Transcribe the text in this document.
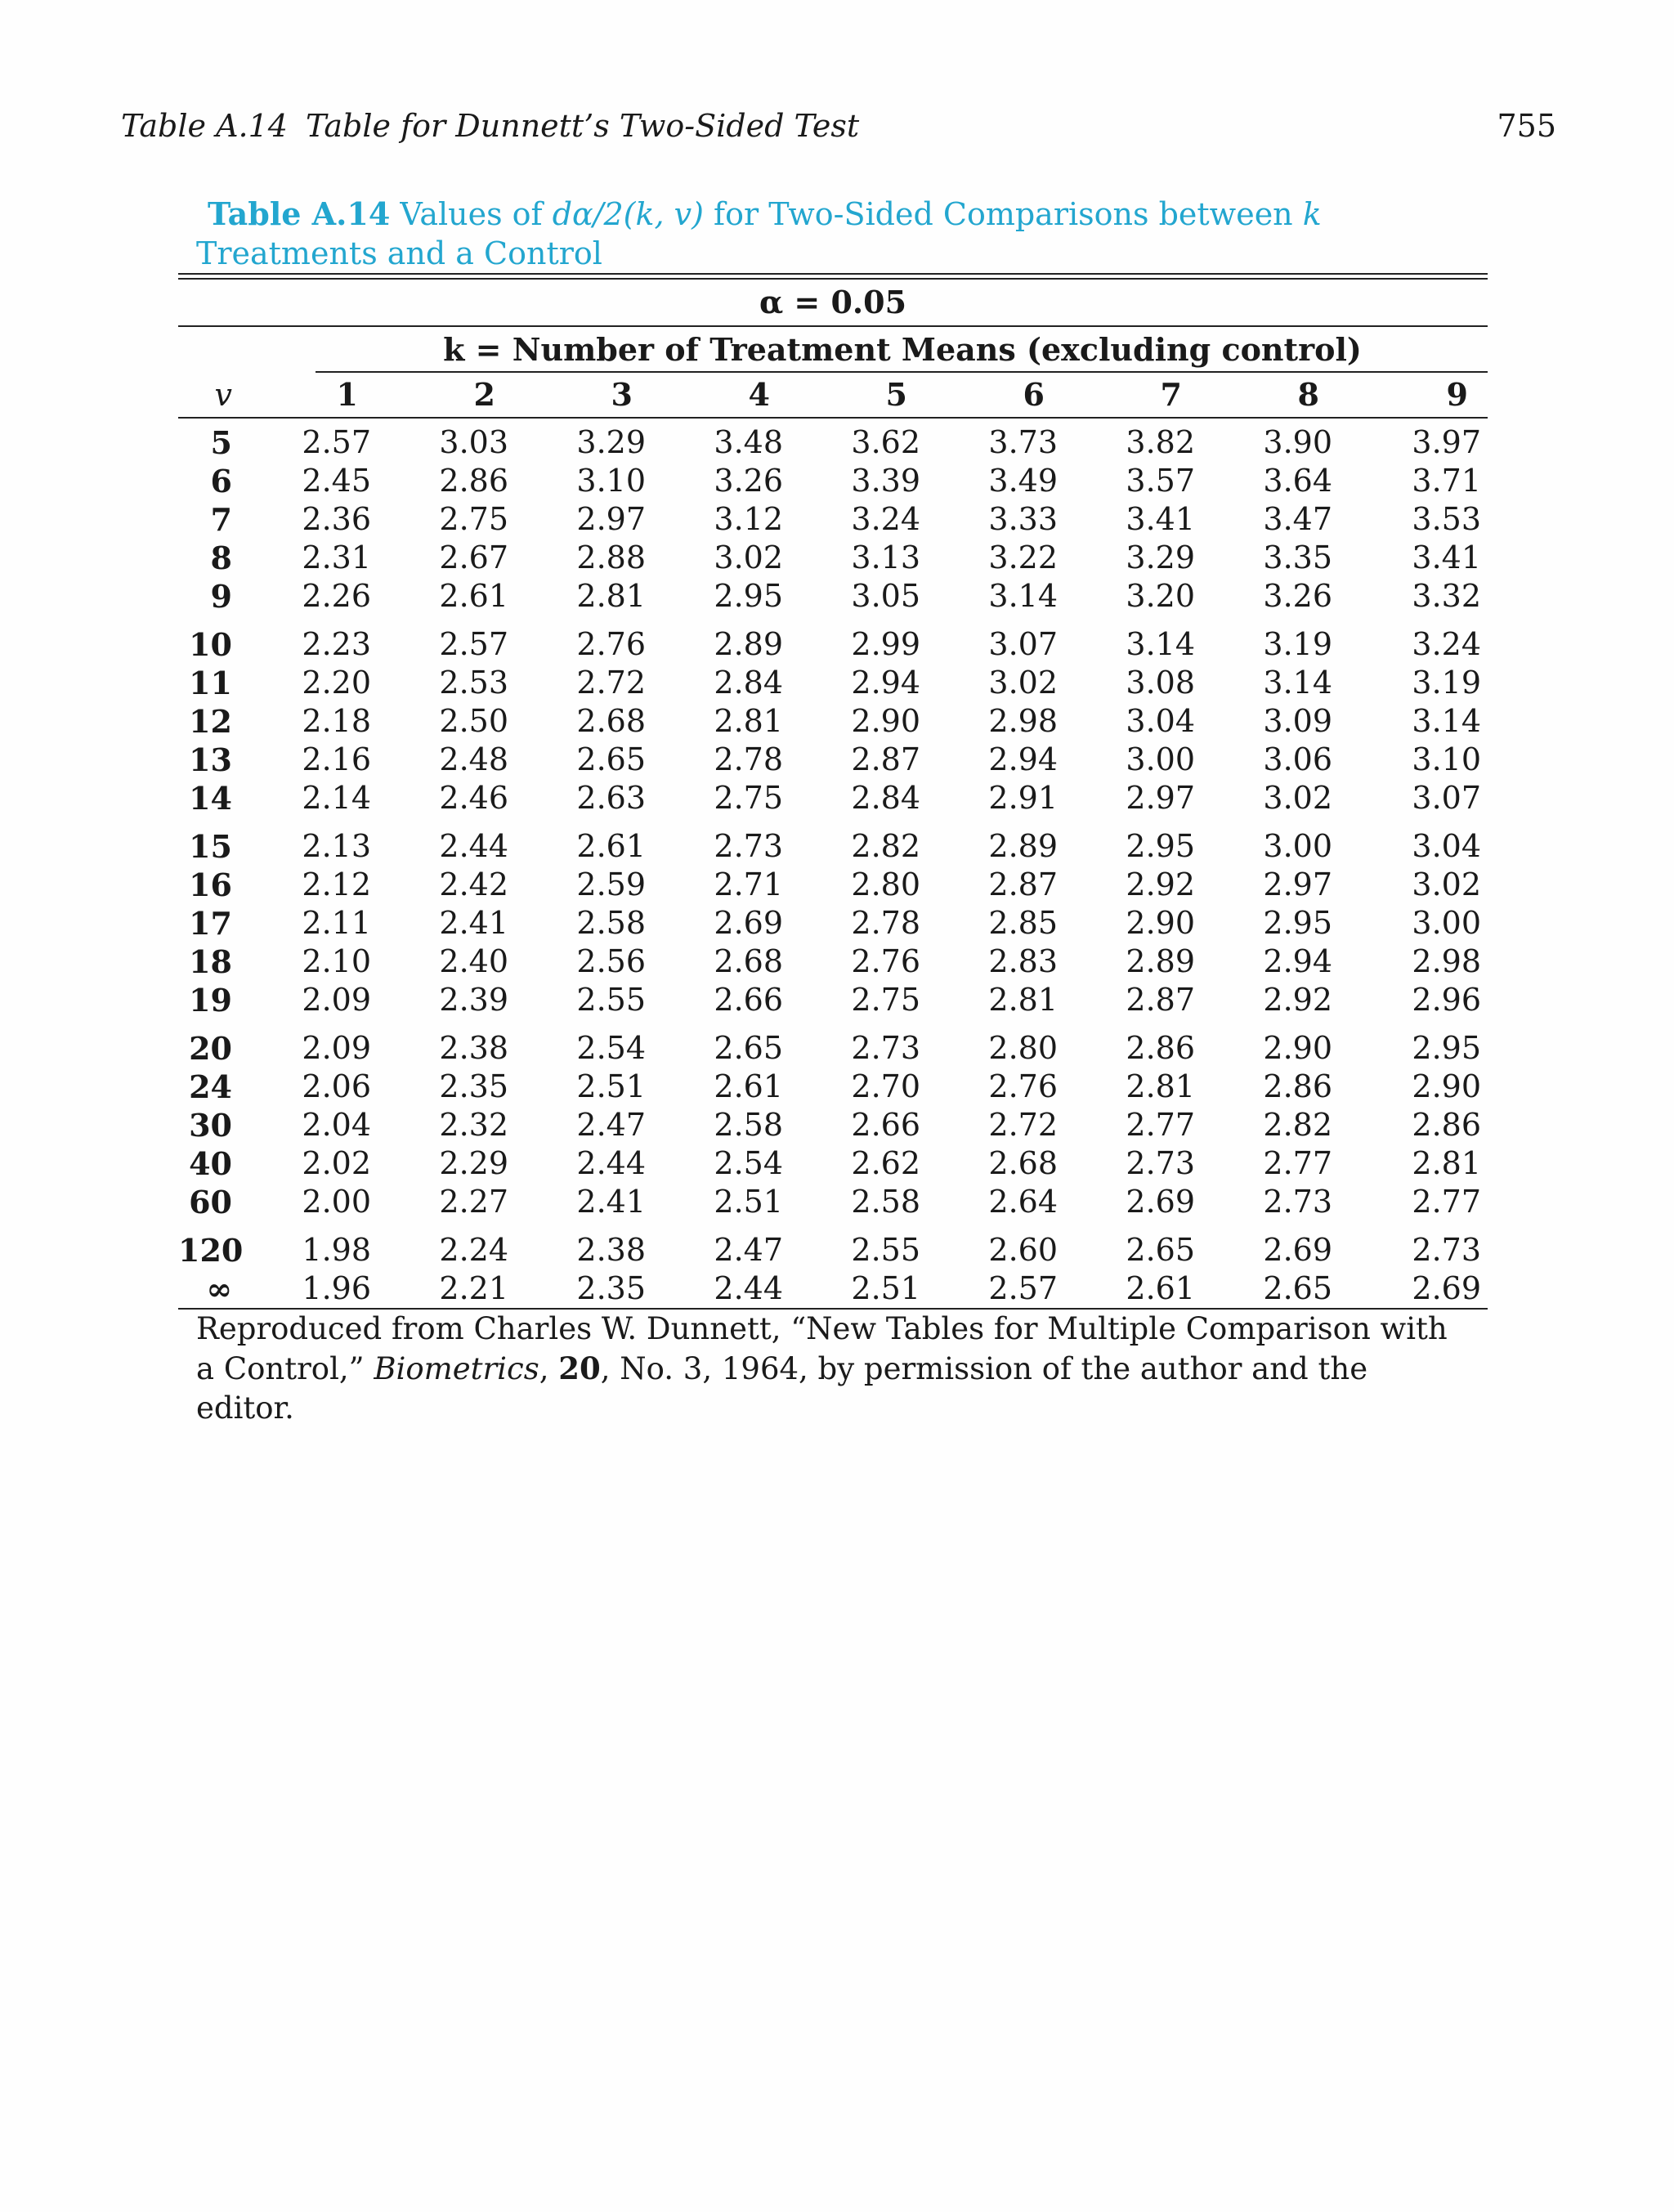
Table A.14 Table for Dunnett’s Two-Sided Test	755
Table A.14 Values of dα/2(k, v) for Two-Sided Comparisons between k Treatments and a Control
α = 0.05
k = Number of Treatment Means (excluding control)
v	1	2	3	4	5	6	7	8	9
5	2.57	3.03	3.29	3.48	3.62	3.73	3.82	3.90	3.97
6	2.45	2.86	3.10	3.26	3.39	3.49	3.57	3.64	3.71
7	2.36	2.75	2.97	3.12	3.24	3.33	3.41	3.47	3.53
8	2.31	2.67	2.88	3.02	3.13	3.22	3.29	3.35	3.41
9	2.26	2.61	2.81	2.95	3.05	3.14	3.20	3.26	3.32
10	2.23	2.57	2.76	2.89	2.99	3.07	3.14	3.19	3.24
11	2.20	2.53	2.72	2.84	2.94	3.02	3.08	3.14	3.19
12	2.18	2.50	2.68	2.81	2.90	2.98	3.04	3.09	3.14
13	2.16	2.48	2.65	2.78	2.87	2.94	3.00	3.06	3.10
14	2.14	2.46	2.63	2.75	2.84	2.91	2.97	3.02	3.07
15	2.13	2.44	2.61	2.73	2.82	2.89	2.95	3.00	3.04
16	2.12	2.42	2.59	2.71	2.80	2.87	2.92	2.97	3.02
17	2.11	2.41	2.58	2.69	2.78	2.85	2.90	2.95	3.00
18	2.10	2.40	2.56	2.68	2.76	2.83	2.89	2.94	2.98
19	2.09	2.39	2.55	2.66	2.75	2.81	2.87	2.92	2.96
20	2.09	2.38	2.54	2.65	2.73	2.80	2.86	2.90	2.95
24	2.06	2.35	2.51	2.61	2.70	2.76	2.81	2.86	2.90
30	2.04	2.32	2.47	2.58	2.66	2.72	2.77	2.82	2.86
40	2.02	2.29	2.44	2.54	2.62	2.68	2.73	2.77	2.81
60	2.00	2.27	2.41	2.51	2.58	2.64	2.69	2.73	2.77
120	1.98	2.24	2.38	2.47	2.55	2.60	2.65	2.69	2.73
∞	1.96	2.21	2.35	2.44	2.51	2.57	2.61	2.65	2.69
Reproduced from Charles W. Dunnett, “New Tables for Multiple Comparison with a Control,” Biometrics, 20, No. 3, 1964, by permission of the author and the editor.
